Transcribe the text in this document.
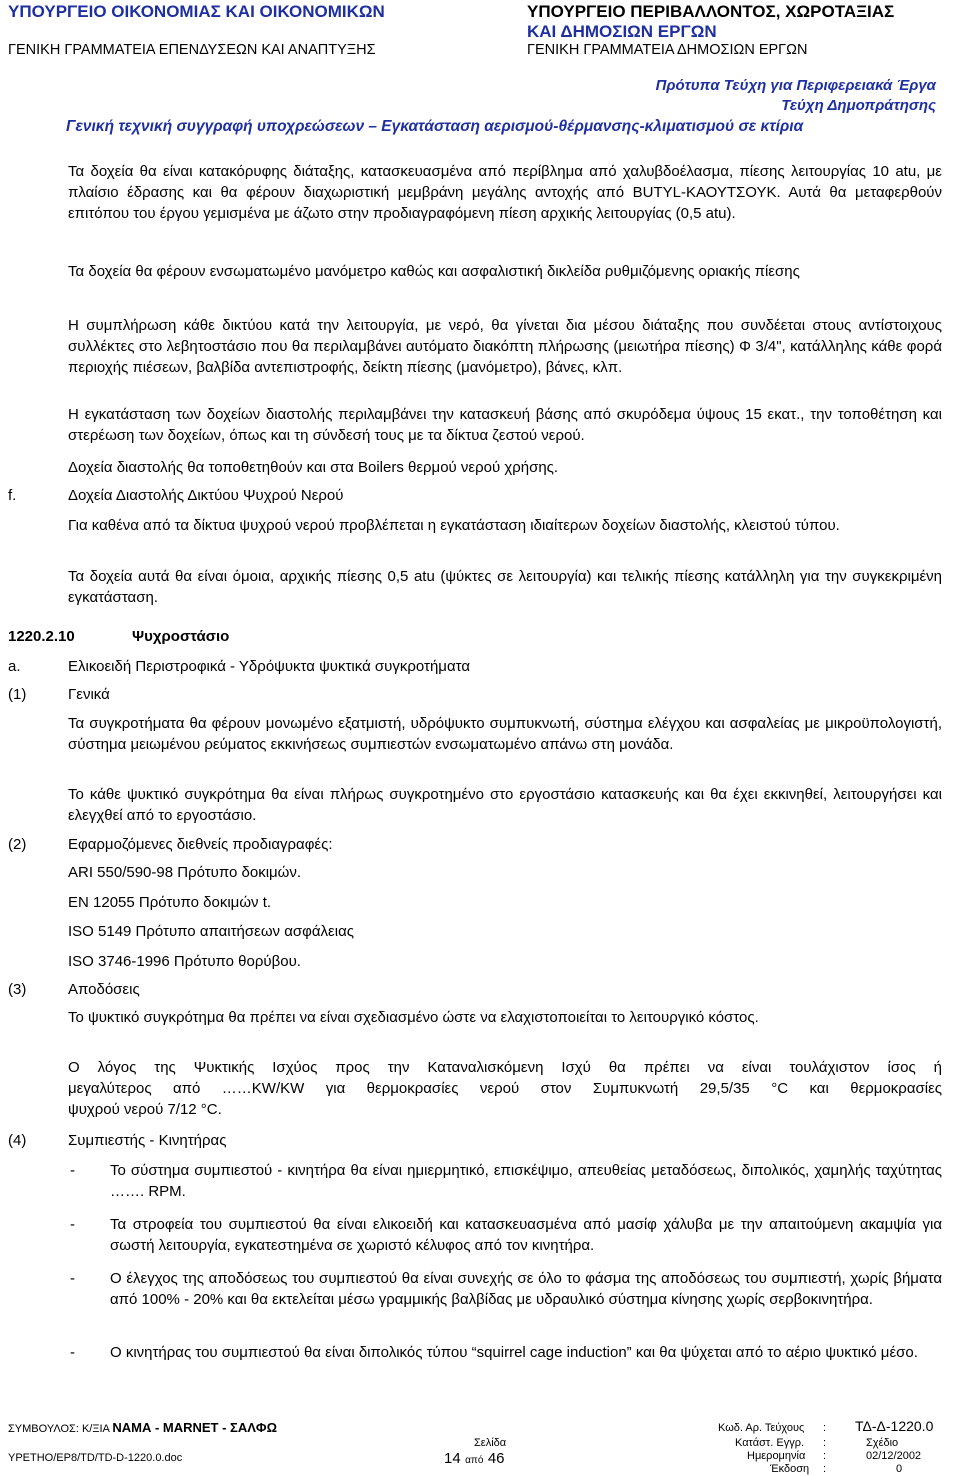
ΥΠΟΥΡΓΕΙΟ ΟΙΚΟΝΟΜΙΑΣ ΚΑΙ ΟΙΚΟΝΟΜΙΚΩΝ
ΓΕΝΙΚΗ ΓΡΑΜΜΑΤΕΙΑ ΕΠΕΝΔΥΣΕΩΝ ΚΑΙ ΑΝΑΠΤΥΞΗΣ
ΥΠΟΥΡΓΕΙΟ ΠΕΡΙΒΑΛΛΟΝΤΟΣ, ΧΩΡΟΤΑΞΙΑΣ
ΚΑΙ ΔΗΜΟΣΙΩΝ ΕΡΓΩΝ
ΓΕΝΙΚΗ ΓΡΑΜΜΑΤΕΙΑ ΔΗΜΟΣΙΩΝ ΕΡΓΩΝ
Πρότυπα Τεύχη για Περιφερειακά Έργα
Τεύχη Δημοπράτησης
Γενική τεχνική συγγραφή υποχρεώσεων – Εγκατάσταση αερισμού-θέρμανσης-κλιματισμού σε κτίρια

Τα δοχεία θα είναι κατακόρυφης διάταξης, κατασκευασμένα από περίβλημα από χαλυβδοέλασμα, πίεσης λειτουργίας 10 atu, με πλαίσιο έδρασης και θα φέρουν διαχωριστική μεμβράνη μεγάλης αντοχής από BUTYL-ΚΑΟΥΤΣΟΥΚ. Αυτά θα μεταφερθούν επιτόπου του έργου γεμισμένα με άζωτο στην προδιαγραφόμενη πίεση αρχικής λειτουργίας (0,5 atu).

Τα δοχεία θα φέρουν ενσωματωμένο μανόμετρο καθώς και ασφαλιστική δικλείδα ρυθμιζόμενης οριακής πίεσης

Η συμπλήρωση κάθε δικτύου κατά την λειτουργία, με νερό, θα γίνεται δια μέσου διάταξης που συνδέεται στους αντίστοιχους συλλέκτες στο λεβητοστάσιο που θα περιλαμβάνει αυτόματο διακόπτη πλήρωσης (μειωτήρα πίεσης) Φ 3/4", κατάλληλης κάθε φορά περιοχής πιέσεων, βαλβίδα αντεπιστροφής, δείκτη πίεσης (μανόμετρο), βάνες, κλπ.

Η εγκατάσταση των δοχείων διαστολής περιλαμβάνει την κατασκευή βάσης από σκυρόδεμα ύψους 15 εκατ., την τοποθέτηση και στερέωση των δοχείων, όπως και τη σύνδεσή τους με τα δίκτυα ζεστού νερού.

Δοχεία διαστολής θα τοποθετηθούν και στα Boilers θερμού νερού χρήσης.
f.	Δοχεία Διαστολής Δικτύου Ψυχρού Νερού

Για καθένα από τα δίκτυα ψυχρού νερού προβλέπεται η εγκατάσταση ιδιαίτερων δοχείων διαστολής, κλειστού τύπου.

Τα δοχεία αυτά θα είναι όμοια, αρχικής πίεσης 0,5 atu (ψύκτες σε λειτουργία) και τελικής πίεσης κατάλληλη για την συγκεκριμένη εγκατάσταση.

1220.2.10	Ψυχροστάσιο
a.	Ελικοειδή Περιστροφικά - Υδρόψυκτα ψυκτικά συγκροτήματα
(1)	Γενικά

Τα συγκροτήματα θα φέρουν μονωμένο εξατμιστή, υδρόψυκτο συμπυκνωτή, σύστημα ελέγχου και ασφαλείας με μικροϋπολογιστή, σύστημα μειωμένου ρεύματος εκκινήσεως συμπιεστών ενσωματωμένο απάνω στη μονάδα.

Το κάθε ψυκτικό συγκρότημα θα είναι πλήρως συγκροτημένο στο εργοστάσιο κατασκευής και θα έχει εκκινηθεί, λειτουργήσει και ελεγχθεί από το εργοστάσιο.

(2)	Εφαρμοζόμενες διεθνείς προδιαγραφές:
ARI 550/590-98 Πρότυπο δοκιμών.
EN 12055 Πρότυπο δοκιμών t.
ISO 5149 Πρότυπο απαιτήσεων ασφάλειας
ISO 3746-1996 Πρότυπο θορύβου.
(3)	Αποδόσεις

Το ψυκτικό συγκρότημα θα πρέπει να είναι σχεδιασμένο ώστε να ελαχιστοποιείται το λειτουργικό κόστος.

Ο λόγος της Ψυκτικής Ισχύος προς την Καταναλισκόμενη Ισχύ θα πρέπει να είναι τουλάχιστον ίσος ή
μεγαλύτερος από ……KW/KW για θερμοκρασίες νερού στον Συμπυκνωτή 29,5/35 °C και θερμοκρασίες
ψυχρού νερού 7/12 °C.
(4)	Συμπιεστής - Κινητήρας
- Το σύστημα συμπιεστού - κινητήρα θα είναι ημιερμητικό, επισκέψιμο, απευθείας μεταδόσεως, διπολικός, χαμηλής ταχύτητας ……. RPM.

- Τα στροφεία του συμπιεστού θα είναι ελικοειδή και κατασκευασμένα από μασίφ χάλυβα με την απαιτούμενη ακαμψία για σωστή λειτουργία, εγκατεστημένα σε χωριστό κέλυφος από τον κινητήρα.

- Ο έλεγχος της αποδόσεως του συμπιεστού θα είναι συνεχής σε όλο το φάσμα της αποδόσεως του συμπιεστή, χωρίς βήματα από 100% - 20% και θα εκτελείται μέσω γραμμικής βαλβίδας με υδραυλικό σύστημα κίνησης χωρίς σερβοκινητήρα.

- Ο κινητήρας του συμπιεστού θα είναι διπολικός τύπου “squirrel cage induction” και θα ψύχεται από το αέριο ψυκτικό μέσο.

ΣΥΜΒΟΥΛΟΣ: Κ/ΞΙΑ ΝΑΜΑ - MARNET - ΣΑΛΦΩ
ΥΡΕΤΗΟ/ΕΡ8/ΤD/ΤD-D-1220.0.doc
Σελίδα
14 από 46
Κωδ. Αρ. Τεύχους : ΤΔ-Δ-1220.0
Κατάστ. Εγγρ. :	Σχέδιο
Ημερομηνία :	02/12/2002
Έκδοση :	0
